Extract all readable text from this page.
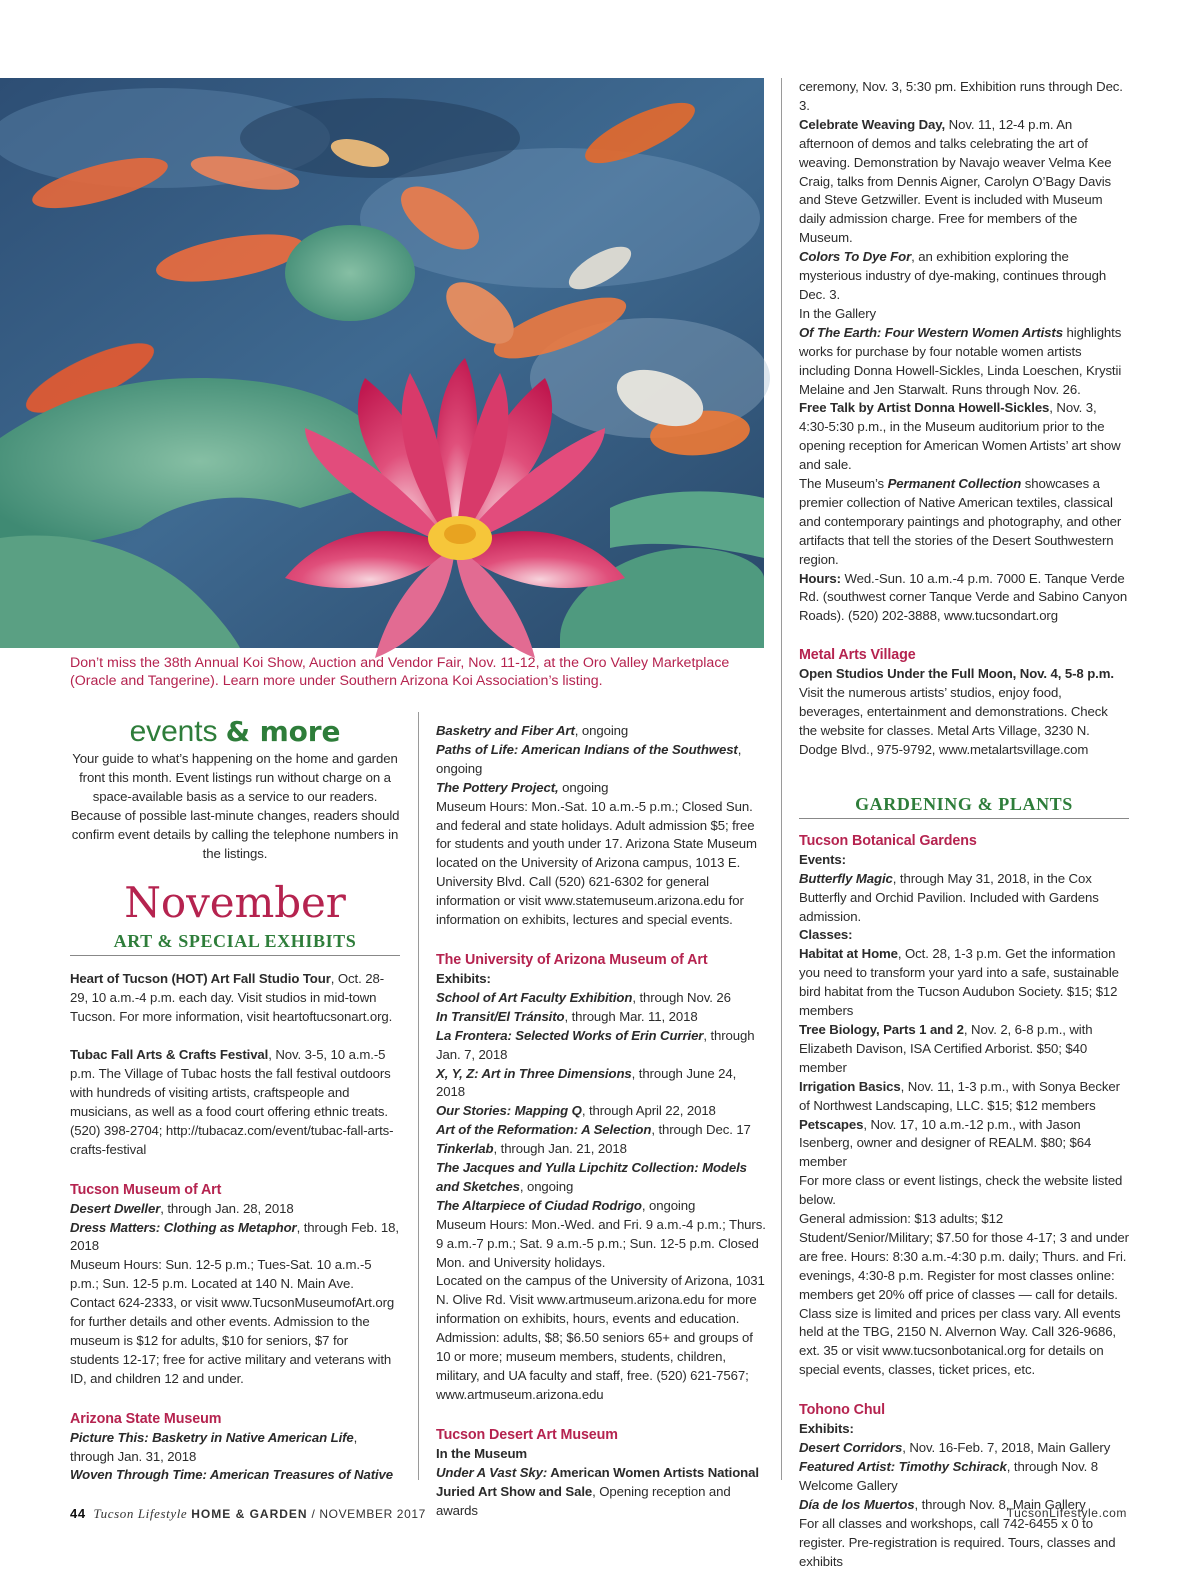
Don’t miss the 38th Annual Koi Show, Auction and Vendor Fair, Nov. 11-12, at the Oro Valley Marketplace (Oracle and Tangerine). Learn more under Southern Arizona Koi Association’s listing.
events & more

Your guide to what’s happening on the home and garden front this month. Event listings run without charge on a space-available basis as a service to our readers. Because of possible last-minute changes, readers should confirm event details by calling the telephone numbers in the listings.

November
ART & SPECIAL EXHIBITS

Heart of Tucson (HOT) Art Fall Studio Tour, Oct. 28-29, 10 a.m.-4 p.m. each day. Visit studios in mid-town Tucson. For more information, visit heartoftucsonart.org.

Tubac Fall Arts & Crafts Festival, Nov. 3-5, 10 a.m.-5 p.m. The Village of Tubac hosts the fall festival outdoors with hundreds of visiting artists, craftspeople and musicians, as well as a food court offering ethnic treats. (520) 398-2704; http://tubacaz.com/event/tubac-fall-arts-crafts-festival

Tucson Museum of Art

Desert Dweller, through Jan. 28, 2018

Dress Matters: Clothing as Metaphor, through Feb. 18, 2018

Museum Hours: Sun. 12-5 p.m.; Tues-Sat. 10 a.m.-5 p.m.; Sun. 12-5 p.m. Located at 140 N. Main Ave. Contact 624-2333, or visit www.TucsonMuseumofArt.org for further details and other events. Admission to the museum is $12 for adults, $10 for seniors, $7 for students 12-17; free for active military and veterans with ID, and children 12 and under.

Arizona State Museum

Picture This: Basketry in Native American Life, through Jan. 31, 2018

Woven Through Time: American Treasures of Native

Basketry and Fiber Art, ongoing

Paths of Life: American Indians of the Southwest, ongoing

The Pottery Project, ongoing

Museum Hours: Mon.-Sat. 10 a.m.-5 p.m.; Closed Sun. and federal and state holidays. Adult admission $5; free for students and youth under 17. Arizona State Museum located on the University of Arizona campus, 1013 E. University Blvd. Call (520) 621-6302 for general information or visit www.statemuseum.arizona.edu for information on exhibits, lectures and special events.

The University of Arizona Museum of Art

Exhibits:

School of Art Faculty Exhibition, through Nov. 26

In Transit/El Tránsito, through Mar. 11, 2018

La Frontera: Selected Works of Erin Currier, through Jan. 7, 2018

X, Y, Z: Art in Three Dimensions, through June 24, 2018

Our Stories: Mapping Q, through April 22, 2018

Art of the Reformation: A Selection, through Dec. 17

Tinkerlab, through Jan. 21, 2018

The Jacques and Yulla Lipchitz Collection: Models and Sketches, ongoing

The Altarpiece of Ciudad Rodrigo, ongoing

Museum Hours: Mon.-Wed. and Fri. 9 a.m.-4 p.m.; Thurs. 9 a.m.-7 p.m.; Sat. 9 a.m.-5 p.m.; Sun. 12-5 p.m. Closed Mon. and University holidays.

Located on the campus of the University of Arizona, 1031 N. Olive Rd. Visit www.artmuseum.arizona.edu for more information on exhibits, hours, events and education. Admission: adults, $8; $6.50 seniors 65+ and groups of 10 or more; museum members, students, children, military, and UA faculty and staff, free. (520) 621-7567; www.artmuseum.arizona.edu

Tucson Desert Art Museum

In the Museum

Under A Vast Sky: American Women Artists National Juried Art Show and Sale, Opening reception and awards

ceremony, Nov. 3, 5:30 pm. Exhibition runs through Dec. 3.

Celebrate Weaving Day, Nov. 11, 12-4 p.m. An afternoon of demos and talks celebrating the art of weaving. Demonstration by Navajo weaver Velma Kee Craig, talks from Dennis Aigner, Carolyn O’Bagy Davis and Steve Getzwiller. Event is included with Museum daily admission charge. Free for members of the Museum.

Colors To Dye For, an exhibition exploring the mysterious industry of dye-making, continues through Dec. 3.

In the Gallery

Of The Earth: Four Western Women Artists highlights works for purchase by four notable women artists including Donna Howell-Sickles, Linda Loeschen, Krystii Melaine and Jen Starwalt. Runs through Nov. 26.

Free Talk by Artist Donna Howell-Sickles, Nov. 3, 4:30-5:30 p.m., in the Museum auditorium prior to the opening reception for American Women Artists’ art show and sale.

The Museum’s Permanent Collection showcases a premier collection of Native American textiles, classical and contemporary paintings and photography, and other artifacts that tell the stories of the Desert Southwestern region.

Hours: Wed.-Sun. 10 a.m.-4 p.m. 7000 E. Tanque Verde Rd. (southwest corner Tanque Verde and Sabino Canyon Roads). (520) 202-3888, www.tucsondart.org

Metal Arts Village

Open Studios Under the Full Moon, Nov. 4, 5-8 p.m.

Visit the numerous artists’ studios, enjoy food, beverages, entertainment and demonstrations. Check the website for classes. Metal Arts Village, 3230 N. Dodge Blvd., 975-9792, www.metalartsvillage.com

GARDENING & PLANTS
Tucson Botanical Gardens

Events:

Butterfly Magic, through May 31, 2018, in the Cox Butterfly and Orchid Pavilion. Included with Gardens admission.

Classes:

Habitat at Home, Oct. 28, 1-3 p.m. Get the information you need to transform your yard into a safe, sustainable bird habitat from the Tucson Audubon Society. $15; $12 members

Tree Biology, Parts 1 and 2, Nov. 2, 6-8 p.m., with Elizabeth Davison, ISA Certified Arborist. $50; $40 member

Irrigation Basics, Nov. 11, 1-3 p.m., with Sonya Becker of Northwest Landscaping, LLC. $15; $12 members

Petscapes, Nov. 17, 10 a.m.-12 p.m., with Jason Isenberg, owner and designer of REALM. $80; $64 member

For more class or event listings, check the website listed below.

General admission: $13 adults; $12 Student/Senior/Military; $7.50 for those 4-17; 3 and under are free. Hours: 8:30 a.m.-4:30 p.m. daily; Thurs. and Fri. evenings, 4:30-8 p.m. Register for most classes online: members get 20% off price of classes — call for details. Class size is limited and prices per class vary. All events held at the TBG, 2150 N. Alvernon Way. Call 326-9686, ext. 35 or visit www.tucsonbotanical.org for details on special events, classes, ticket prices, etc.

Tohono Chul

Exhibits:

Desert Corridors, Nov. 16-Feb. 7, 2018, Main Gallery

Featured Artist: Timothy Schirack, through Nov. 8 Welcome Gallery

Día de los Muertos, through Nov. 8, Main Gallery

For all classes and workshops, call 742-6455 x 0 to register. Pre-registration is required. Tours, classes and exhibits

44 Tucson Lifestyle HOME & GARDEN / NOVEMBER 2017	TucsonLifestyle.com
